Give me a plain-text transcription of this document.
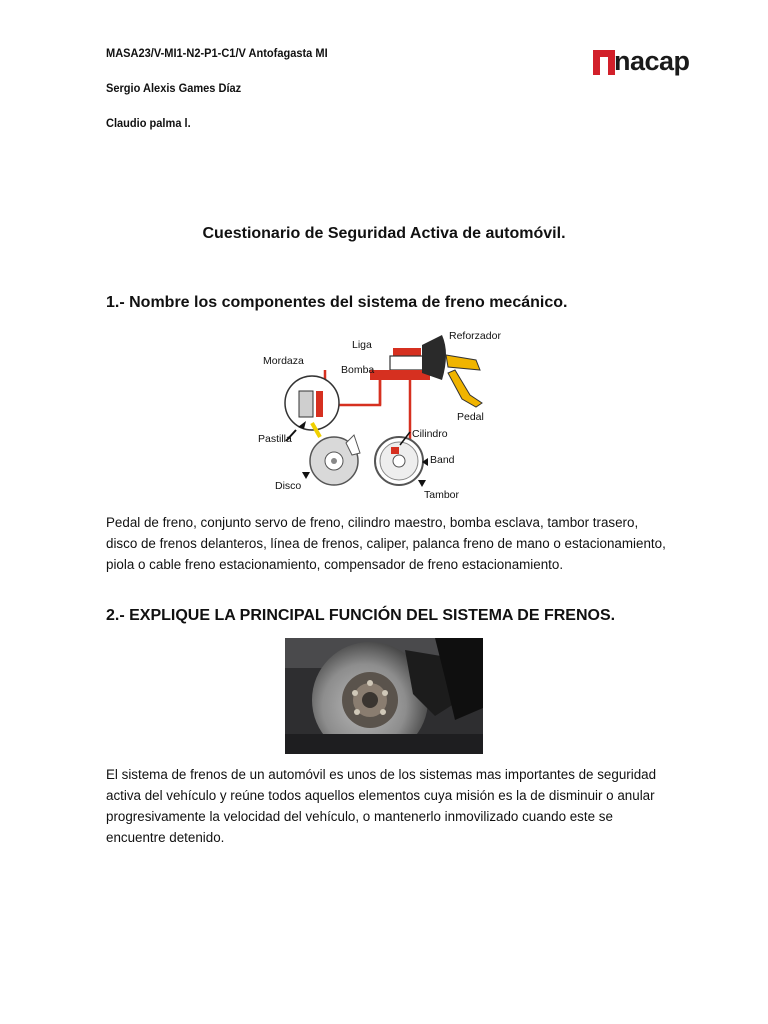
MASA23/V-MI1-N2-P1-C1/V Antofagasta MI
Sergio Alexis Games Díaz
Claudio palma l.
nacap
Cuestionario de Seguridad Activa de automóvil.
1.- Nombre los componentes del sistema de freno mecánico.
Liga
Reforzador
Mordaza
Bomba
Pedal
Pastilla	Cilindro
Band
Disco
Tambor

Pedal de freno, conjunto servo de freno, cilindro maestro, bomba esclava, tambor trasero, disco de frenos delanteros, línea de frenos, caliper, palanca freno de mano o estacionamiento, piola o cable freno estacionamiento, compensador de freno estacionamiento.

2.- EXPLIQUE LA PRINCIPAL FUNCIÓN DEL SISTEMA DE FRENOS.

El sistema de frenos de un automóvil es unos de los sistemas mas importantes de seguridad activa del vehículo y reúne todos aquellos elementos cuya misión es la de disminuir o anular progresivamente la velocidad del vehículo, o mantenerlo inmovilizado cuando este se encuentre detenido.
